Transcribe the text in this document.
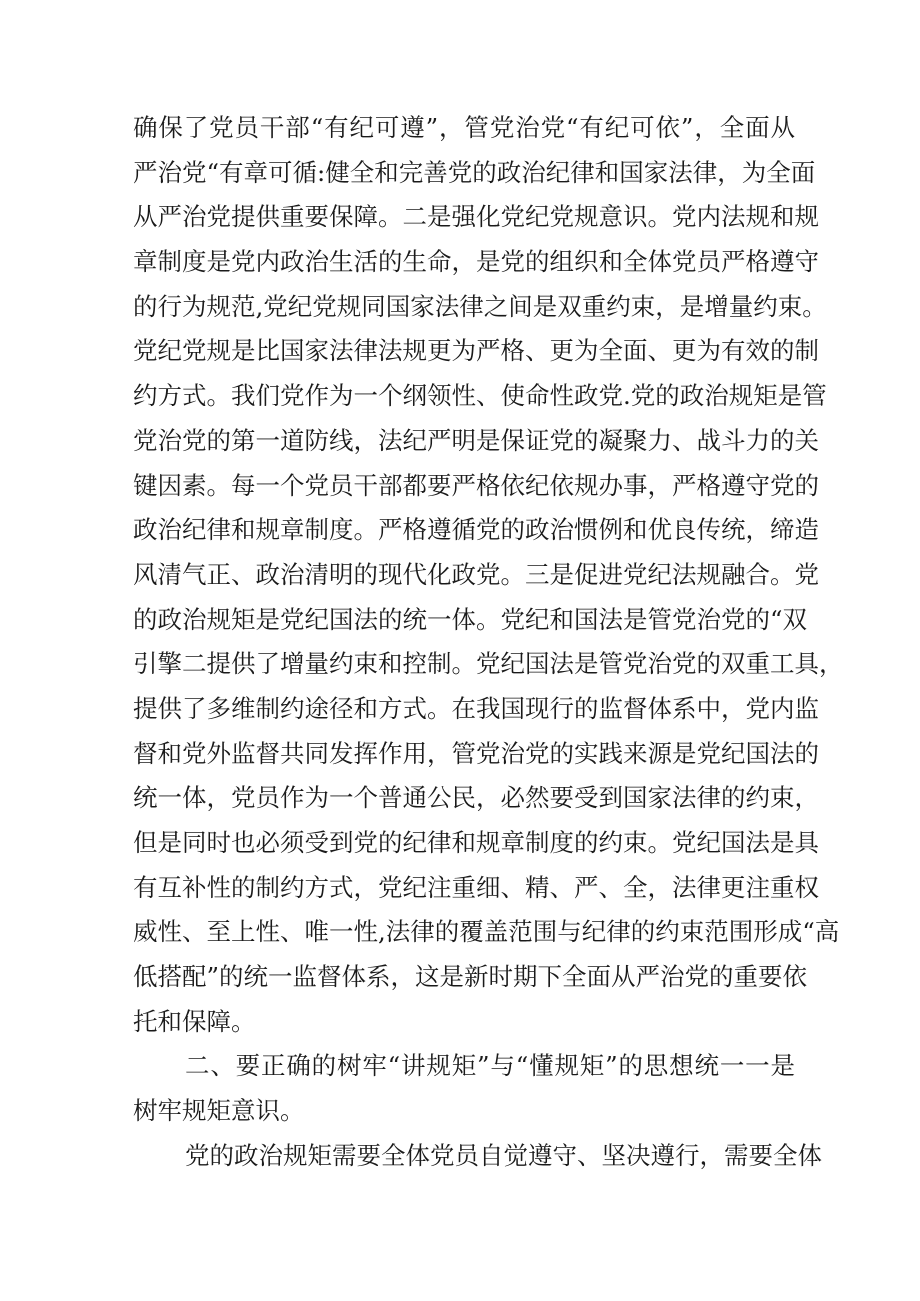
确保了党员干部“有纪可遵”，管党治党“有纪可依”，全面从
严治党“有章可循:健全和完善党的政治纪律和国家法律，为全面
从严治党提供重要保障。二是强化党纪党规意识。党内法规和规
章制度是党内政治生活的生命，是党的组织和全体党员严格遵守
的行为规范,党纪党规同国家法律之间是双重约束，是增量约束。
党纪党规是比国家法律法规更为严格、更为全面、更为有效的制
约方式。我们党作为一个纲领性、使命性政党.党的政治规矩是管
党治党的第一道防线，法纪严明是保证党的凝聚力、战斗力的关
键因素。每一个党员干部都要严格依纪依规办事，严格遵守党的
政治纪律和规章制度。严格遵循党的政治惯例和优良传统，缔造
风清气正、政治清明的现代化政党。三是促进党纪法规融合。党
的政治规矩是党纪国法的统一体。党纪和国法是管党治党的“双
引擎二提供了增量约束和控制。党纪国法是管党治党的双重工具，
提供了多维制约途径和方式。在我国现行的监督体系中，党内监
督和党外监督共同发挥作用，管党治党的实践来源是党纪国法的
统一体，党员作为一个普通公民，必然要受到国家法律的约束，
但是同时也必须受到党的纪律和规章制度的约束。党纪国法是具
有互补性的制约方式，党纪注重细、精、严、全，法律更注重权
威性、至上性、唯一性,法律的覆盖范围与纪律的约束范围形成“高
低搭配”的统一监督体系，这是新时期下全面从严治党的重要依
托和保障。
二、要正确的树牢“讲规矩”与“懂规矩”的思想统一一是
树牢规矩意识。
党的政治规矩需要全体党员自觉遵守、坚决遵行，需要全体
